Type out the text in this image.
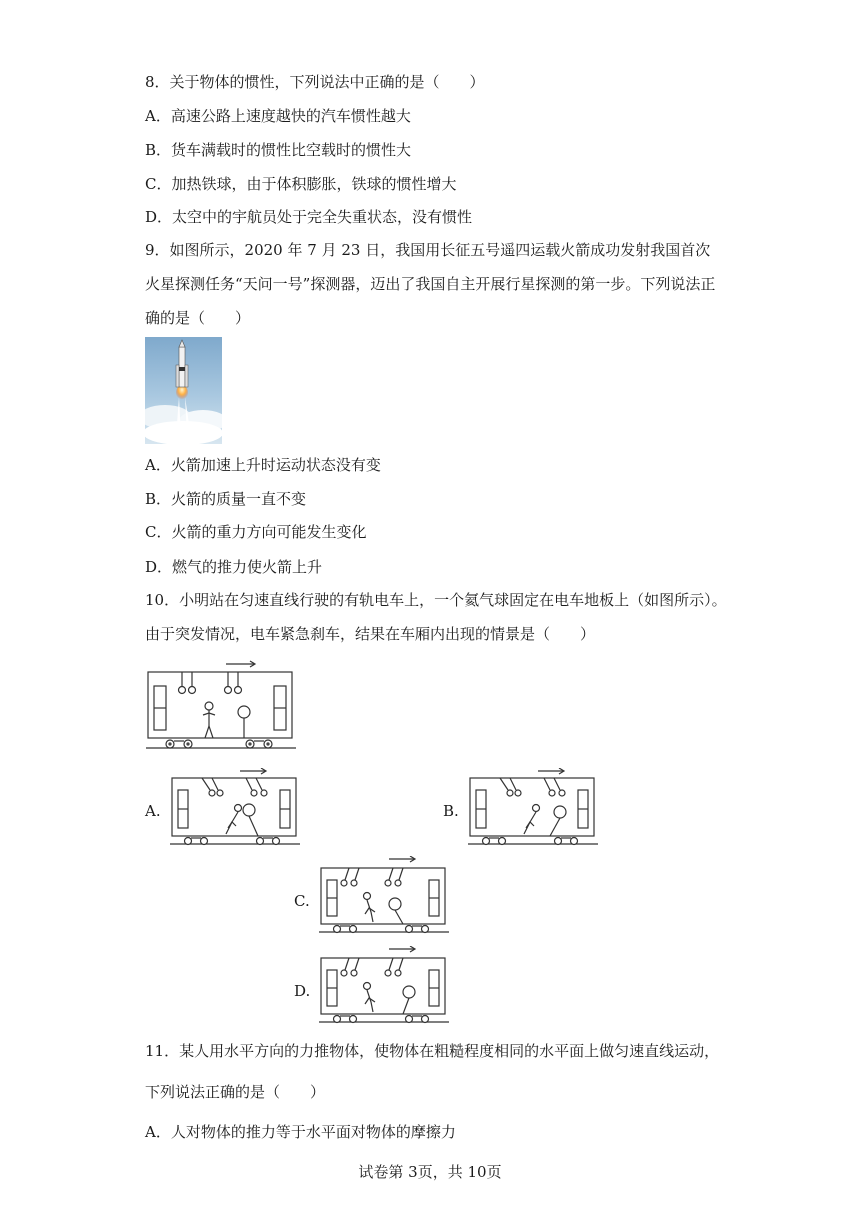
8．关于物体的惯性，下列说法中正确的是（　　）
A．高速公路上速度越快的汽车惯性越大
B．货车满载时的惯性比空载时的惯性大
C．加热铁球，由于体积膨胀，铁球的惯性增大
D．太空中的宇航员处于完全失重状态，没有惯性
9．如图所示，2020 年 7 月 23 日，我国用长征五号遥四运载火箭成功发射我国首次
火星探测任务“天问一号”探测器，迈出了我国自主开展行星探测的第一步。下列说法正
确的是（　　）
A．火箭加速上升时运动状态没有变
B．火箭的质量一直不变
C．火箭的重力方向可能发生变化
D．燃气的推力使火箭上升
10．小明站在匀速直线行驶的有轨电车上，一个氦气球固定在电车地板上（如图所示）。
由于突发情况，电车紧急刹车，结果在车厢内出现的情景是（　　）
A.	B.
C.
D.
11．某人用水平方向的力推物体，使物体在粗糙程度相同的水平面上做匀速直线运动，
下列说法正确的是（　　）
A．人对物体的推力等于水平面对物体的摩擦力
试卷第 3页，共 10页
